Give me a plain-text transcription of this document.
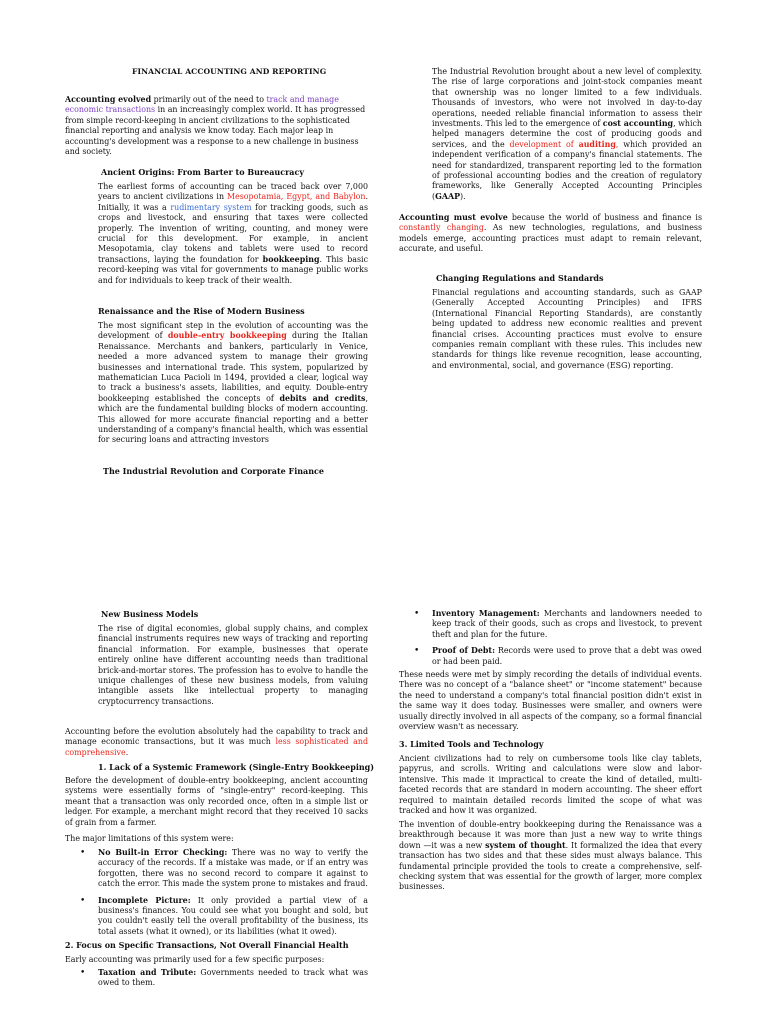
FINANCIAL ACCOUNTING AND REPORTING

Accounting evolved primarily out of the need to track and manage economic transactions in an increasingly complex world. It has progressed from simple record-keeping in ancient civilizations to the sophisticated financial reporting and analysis we know today. Each major leap in accounting's development was a response to a new challenge in business and society.

Ancient Origins: From Barter to Bureaucracy

The earliest forms of accounting can be traced back over 7,000 years to ancient civilizations in Mesopotamia, Egypt, and Babylon. Initially, it was a rudimentary system for tracking goods, such as crops and livestock, and ensuring that taxes were collected properly. The invention of writing, counting, and money were crucial for this development. For example, in ancient Mesopotamia, clay tokens and tablets were used to record transactions, laying the foundation for bookkeeping. This basic record-keeping was vital for governments to manage public works and for individuals to keep track of their wealth.

Renaissance and the Rise of Modern Business

The most significant step in the evolution of accounting was the development of double-entry bookkeeping during the Italian Renaissance. Merchants and bankers, particularly in Venice, needed a more advanced system to manage their growing businesses and international trade. This system, popularized by mathematician Luca Pacioli in 1494, provided a clear, logical way to track a business's assets, liabilities, and equity. Double-entry bookkeeping established the concepts of debits and credits, which are the fundamental building blocks of modern accounting. This allowed for more accurate financial reporting and a better understanding of a company's financial health, which was essential for securing loans and attracting investors

The Industrial Revolution and Corporate Finance

The Industrial Revolution brought about a new level of complexity. The rise of large corporations and joint-stock companies meant that ownership was no longer limited to a few individuals. Thousands of investors, who were not involved in day-to-day operations, needed reliable financial information to assess their investments. This led to the emergence of cost accounting, which helped managers determine the cost of producing goods and services, and the development of auditing, which provided an independent verification of a company's financial statements. The need for standardized, transparent reporting led to the formation of professional accounting bodies and the creation of regulatory frameworks, like Generally Accepted Accounting Principles (GAAP).

Accounting must evolve because the world of business and finance is constantly changing. As new technologies, regulations, and business models emerge, accounting practices must adapt to remain relevant, accurate, and useful.

Changing Regulations and Standards

Financial regulations and accounting standards, such as GAAP (Generally Accepted Accounting Principles) and IFRS (International Financial Reporting Standards), are constantly being updated to address new economic realities and prevent financial crises. Accounting practices must evolve to ensure companies remain compliant with these rules. This includes new standards for things like revenue recognition, lease accounting, and environmental, social, and governance (ESG) reporting.

New Business Models

The rise of digital economies, global supply chains, and complex financial instruments requires new ways of tracking and reporting financial information. For example, businesses that operate entirely online have different accounting needs than traditional brick-and-mortar stores. The profession has to evolve to handle the unique challenges of these new business models, from valuing intangible assets like intellectual property to managing cryptocurrency transactions.

Accounting before the evolution absolutely had the capability to track and manage economic transactions, but it was much less sophisticated and comprehensive.

1. Lack of a Systemic Framework (Single-Entry Bookkeeping)

Before the development of double-entry bookkeeping, ancient accounting systems were essentially forms of "single-entry" record-keeping. This meant that a transaction was only recorded once, often in a simple list or ledger. For example, a merchant might record that they received 10 sacks of grain from a farmer.

The major limitations of this system were:

• No Built-in Error Checking: There was no way to verify the accuracy of the records. If a mistake was made, or if an entry was forgotten, there was no second record to compare it against to catch the error. This made the system prone to mistakes and fraud.
• Incomplete Picture: It only provided a partial view of a business's finances. You could see what you bought and sold, but you couldn't easily tell the overall profitability of the business, its total assets (what it owned), or its liabilities (what it owed).
2. Focus on Specific Transactions, Not Overall Financial Health

Early accounting was primarily used for a few specific purposes:

• Taxation and Tribute: Governments needed to track what was owed to them.
• Inventory Management: Merchants and landowners needed to keep track of their goods, such as crops and livestock, to prevent theft and plan for the future.
• Proof of Debt: Records were used to prove that a debt was owed or had been paid.

These needs were met by simply recording the details of individual events. There was no concept of a "balance sheet" or "income statement" because the need to understand a company's total financial position didn't exist in the same way it does today. Businesses were smaller, and owners were usually directly involved in all aspects of the company, so a formal financial overview wasn't as necessary.

3. Limited Tools and Technology

Ancient civilizations had to rely on cumbersome tools like clay tablets, papyrus, and scrolls. Writing and calculations were slow and labor-intensive. This made it impractical to create the kind of detailed, multi-faceted records that are standard in modern accounting. The sheer effort required to maintain detailed records limited the scope of what was tracked and how it was organized.

The invention of double-entry bookkeeping during the Renaissance was a breakthrough because it was more than just a new way to write things down —it was a new system of thought. It formalized the idea that every transaction has two sides and that these sides must always balance. This fundamental principle provided the tools to create a comprehensive, self-checking system that was essential for the growth of larger, more complex businesses.
